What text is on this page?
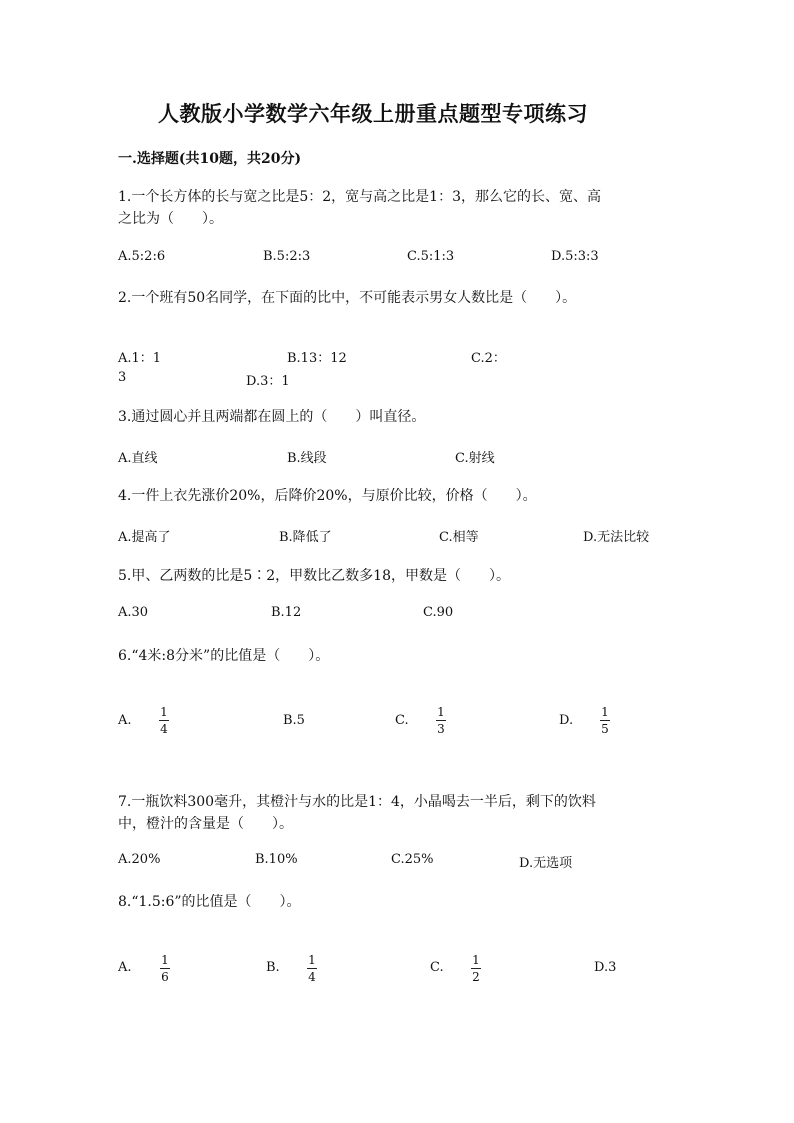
人教版小学数学六年级上册重点题型专项练习
一.选择题(共10题，共20分)
1.一个长方体的长与宽之比是5：2，宽与高之比是1：3，那么它的长、宽、高
之比为（　　）。
A.5:2:6	B.5:2:3	C.5:1:3	D.5:3:3
2.一个班有50名同学，在下面的比中，不可能表示男女人数比是（　　）。
A.1：1	B.13：12	C.2：
3	D.3：1
3.通过圆心并且两端都在圆上的（　　）叫直径。
A.直线	B.线段	C.射线
4.一件上衣先涨价20%，后降价20%，与原价比较，价格（　　）。
A.提高了	B.降低了	C.相等	D.无法比较
5.甲、乙两数的比是5∶2，甲数比乙数多18，甲数是（　　）。
A.30	B.12	C.90
6.“4米:8分米”的比值是（　　）。
A.
1
4
B.5	C.
1
3
D.
1
5
7.一瓶饮料300毫升，其橙汁与水的比是1：4，小晶喝去一半后，剩下的饮料
中，橙汁的含量是（　　）。
A.20%	B.10%	C.25%	D.无选项
8.“1.5:6”的比值是（　　）。
A. 1
6
B. 1
4
C. 1
2
D.3
